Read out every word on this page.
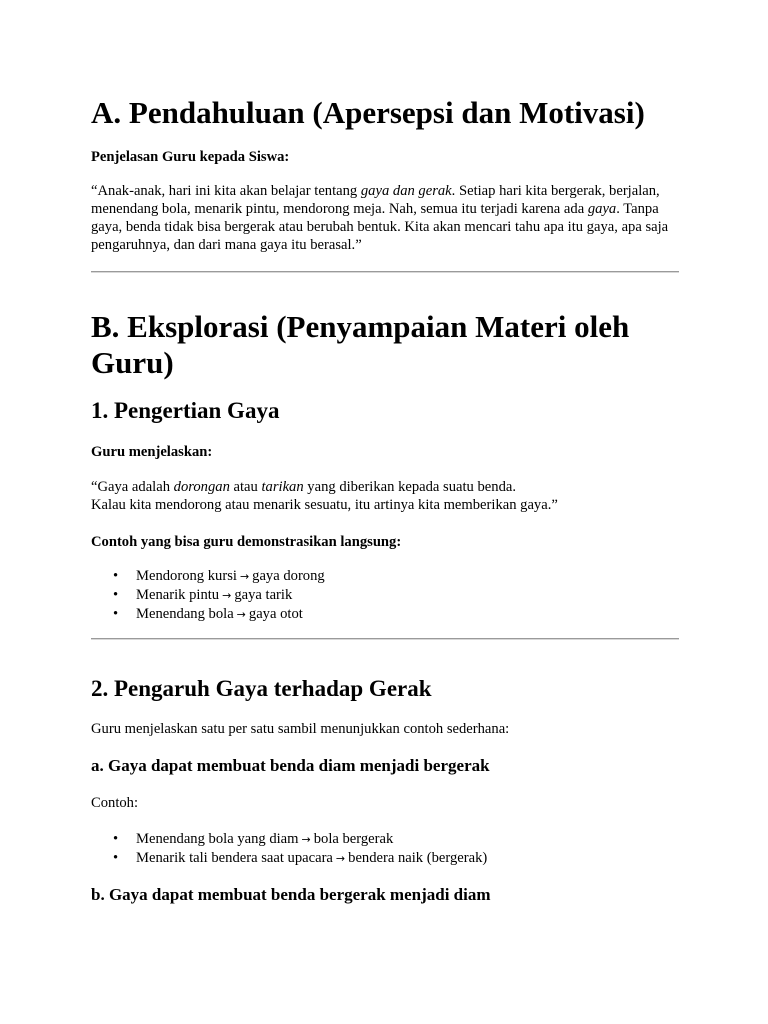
A. Pendahuluan (Apersepsi dan Motivasi)

Penjelasan Guru kepada Siswa:

“Anak-anak, hari ini kita akan belajar tentang gaya dan gerak. Setiap hari kita bergerak, berjalan, menendang bola, menarik pintu, mendorong meja. Nah, semua itu terjadi karena ada gaya. Tanpa gaya, benda tidak bisa bergerak atau berubah bentuk. Kita akan mencari tahu apa itu gaya, apa saja pengaruhnya, dan dari mana gaya itu berasal.”

B. Eksplorasi (Penyampaian Materi oleh Guru)
1. Pengertian Gaya

Guru menjelaskan:

“Gaya adalah dorongan atau tarikan yang diberikan kepada suatu benda.
Kalau kita mendorong atau menarik sesuatu, itu artinya kita memberikan gaya.”

Contoh yang bisa guru demonstrasikan langsung:

• Mendorong kursi → gaya dorong
• Menarik pintu → gaya tarik
• Menendang bola → gaya otot
2. Pengaruh Gaya terhadap Gerak

Guru menjelaskan satu per satu sambil menunjukkan contoh sederhana:

a. Gaya dapat membuat benda diam menjadi bergerak

Contoh:

• Menendang bola yang diam → bola bergerak
• Menarik tali bendera saat upacara → bendera naik (bergerak)
b. Gaya dapat membuat benda bergerak menjadi diam
